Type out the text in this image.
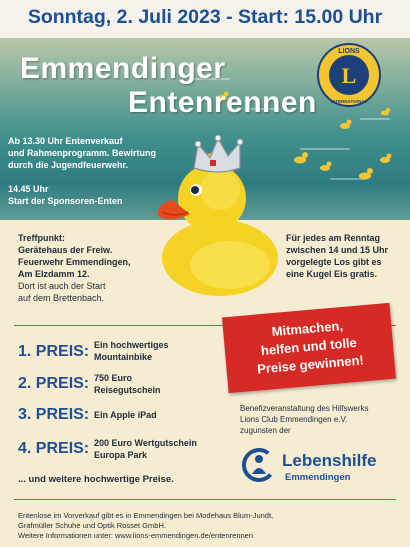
Sonntag, 2. Juli 2023 - Start: 15.00 Uhr
Emmendinger
Entenrennen
Ab 13.30 Uhr Entenverkauf
und Rahmenprogramm. Bewirtung
durch die Jugendfeuerwehr.
14.45 Uhr
Start der Sponsoren-Enten
L
LIONS
INTERNATIONAL
Treffpunkt:
Gerätehaus der Freiw.
Feuerwehr Emmendingen,
Am Elzdamm 12.
Dort ist auch der Start
auf dem Brettenbach.
Für jedes am Renntag
zwischen 14 und 15 Uhr
vorgelegte Los gibt es
eine Kugel Eis gratis.
Mitmachen,
helfen und tolle
Preise gewinnen!
1. PREIS: Ein hochwertiges
Mountainbike
2. PREIS: 750 Euro
Reisegutschein
3. PREIS: Ein Apple iPad
4. PREIS: 200 Euro Wertgutschein
Europa Park
... und weitere hochwertige Preise.
Benefizveranstaltung des Hilfswerks
Lions Club Emmendingen e.V.
zugunsten der
Lebenshilfe
Emmendingen
Entenlose im Vorverkauf gibt es in Emmendingen bei Modehaus Blum-Jundt,
Grafmüller Schuhe und Optik Rosset GmbH.
Weitere Informationen unter: www.lions-emmendingen.de/entenrennen
